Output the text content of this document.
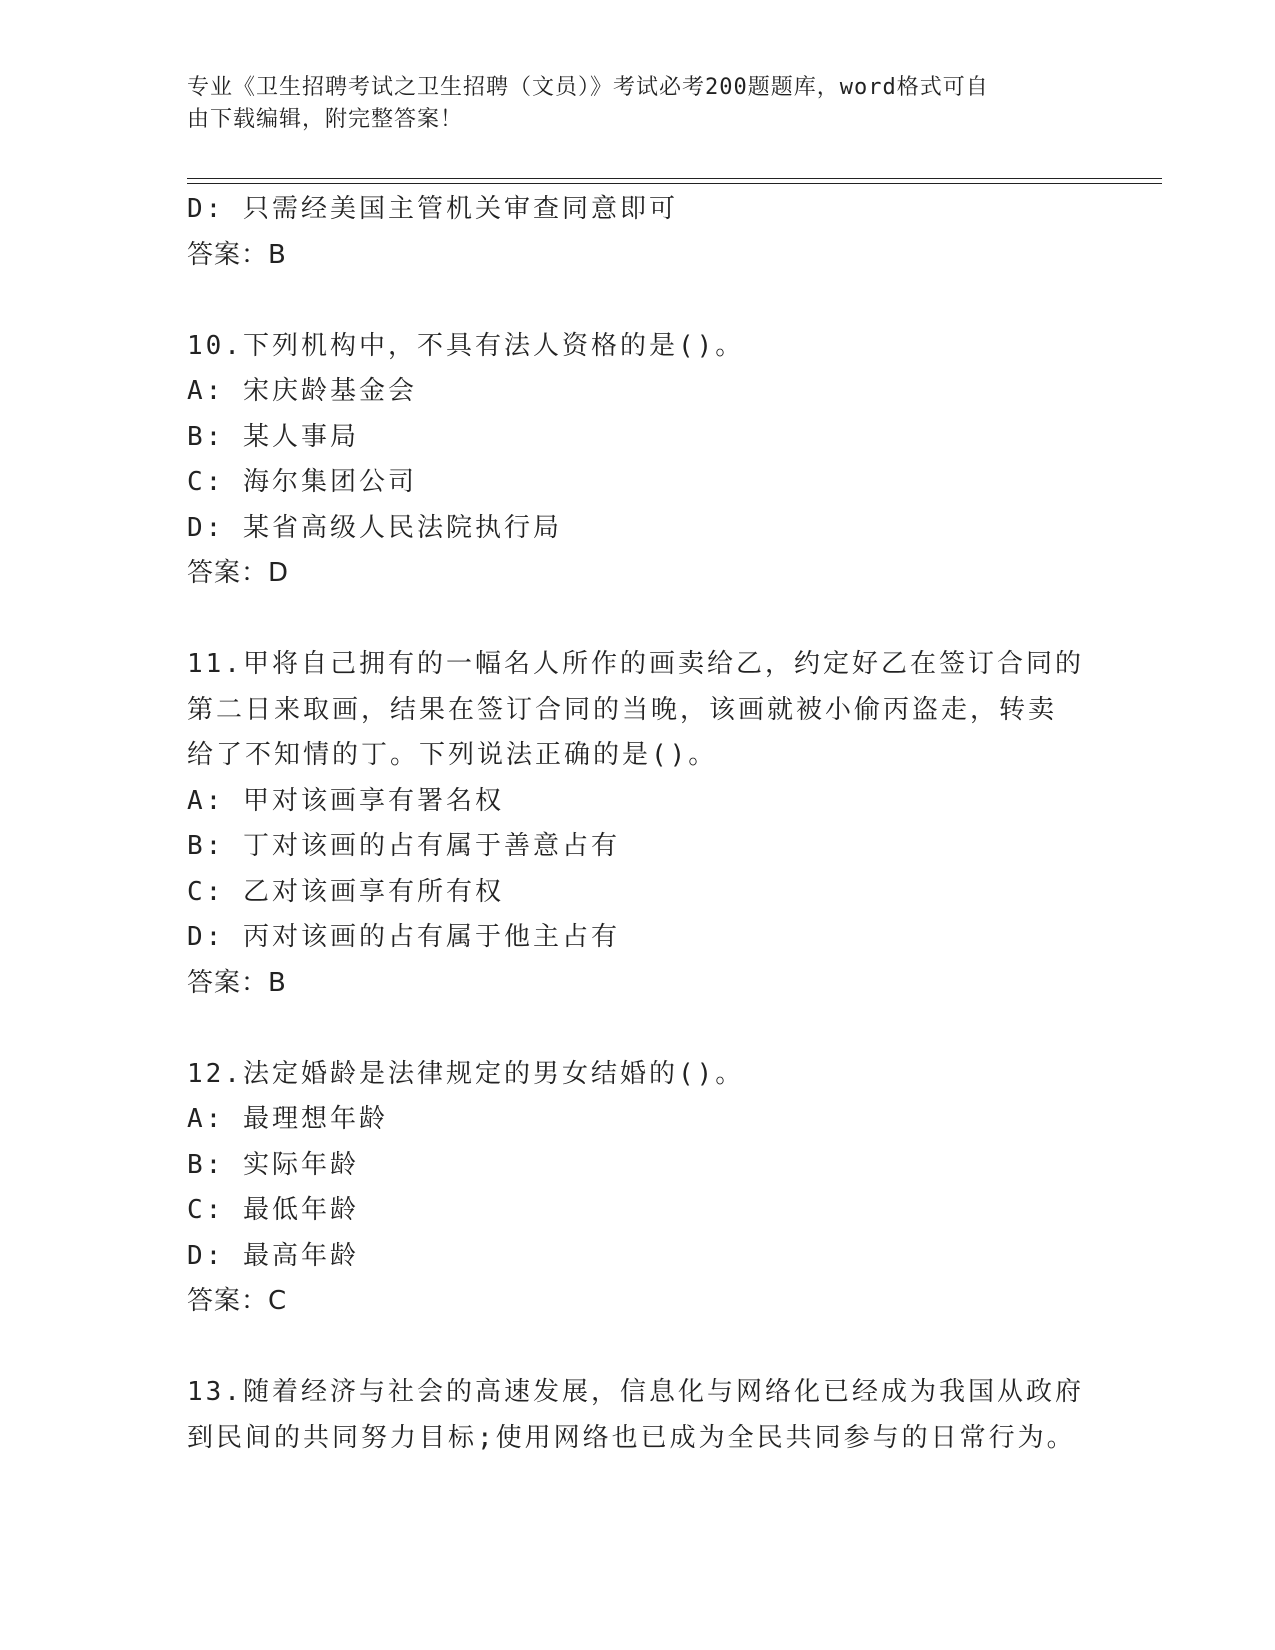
专业《卫生招聘考试之卫生招聘（文员）》考试必考200题题库，word格式可自
由下载编辑，附完整答案！
D: 只需经美国主管机关审查同意即可
答案：B
10.下列机构中，不具有法人资格的是()。
A: 宋庆龄基金会
B: 某人事局
C: 海尔集团公司
D: 某省高级人民法院执行局
答案：D
11.甲将自己拥有的一幅名人所作的画卖给乙，约定好乙在签订合同的
第二日来取画，结果在签订合同的当晚，该画就被小偷丙盗走，转卖
给了不知情的丁。下列说法正确的是()。
A: 甲对该画享有署名权
B: 丁对该画的占有属于善意占有
C: 乙对该画享有所有权
D: 丙对该画的占有属于他主占有
答案：B
12.法定婚龄是法律规定的男女结婚的()。
A: 最理想年龄
B: 实际年龄
C: 最低年龄
D: 最高年龄
答案：C
13.随着经济与社会的高速发展，信息化与网络化已经成为我国从政府
到民间的共同努力目标;使用网络也已成为全民共同参与的日常行为。
